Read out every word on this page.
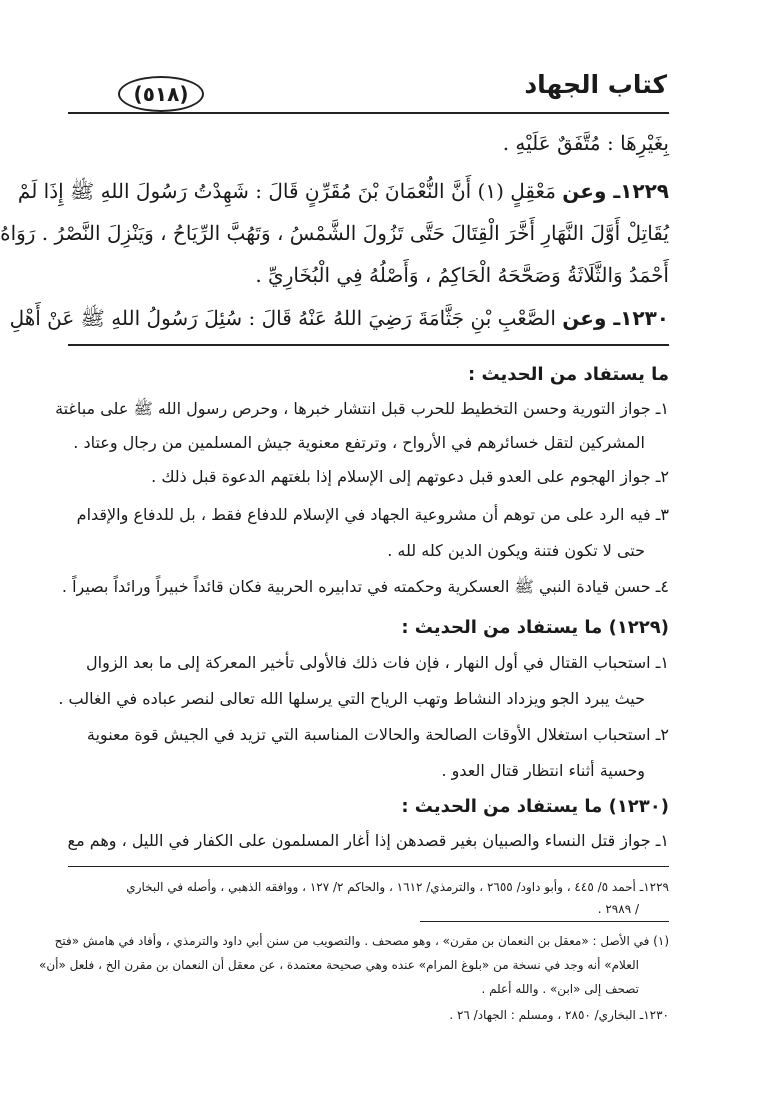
كتاب الجهاد
(٥١٨)
بِغَيْرِهَا : مُتَّفَقٌ عَلَيْهِ .
١٢٢٩ـ وعن مَعْقِلٍ (١) أَنَّ النُّعْمَانَ بْنَ مُقَرِّنٍ قَالَ : شَهِدْتُ رَسُولَ اللهِ ﷺ إِذَا لَمْ
يُقَاتِلْ أَوَّلَ النَّهَارِ أَخَّرَ الْقِتَالَ حَتَّى تَزُولَ الشَّمْسُ ، وَتَهُبَّ الرِّيَاحُ ، وَيَنْزِلَ النَّصْرُ . رَوَاهُ
أَحْمَدُ وَالثَّلَاثَةُ وَصَحَّحَهُ الْحَاكِمُ ، وَأَصْلُهُ فِي الْبُخَارِيِّ .
١٢٣٠ـ وعن الصَّعْبِ بْنِ جَثَّامَةَ رَضِيَ اللهُ عَنْهُ قَالَ : سُئِلَ رَسُولُ اللهِ ﷺ عَنْ أَهْلِ
ما يستفاد من الحديث :
١ـ جواز التورية وحسن التخطيط للحرب قبل انتشار خبرها ، وحرص رسول الله ﷺ على مباغتة
المشركين لتقل خسائرهم في الأرواح ، وترتفع معنوية جيش المسلمين من رجال وعتاد .
٢ـ جواز الهجوم على العدو قبل دعوتهم إلى الإسلام إذا بلغتهم الدعوة قبل ذلك .
٣ـ فيه الرد على من توهم أن مشروعية الجهاد في الإسلام للدفاع فقط ، بل للدفاع والإقدام
حتى لا تكون فتنة ويكون الدين كله لله .
٤ـ حسن قيادة النبي ﷺ العسكرية وحكمته في تدابيره الحربية فكان قائداً خبيراً ورائداً بصيراً .
(١٢٢٩) ما يستفاد من الحديث :
١ـ استحباب القتال في أول النهار ، فإن فات ذلك فالأولى تأخير المعركة إلى ما بعد الزوال
حيث يبرد الجو ويزداد النشاط وتهب الرياح التي يرسلها الله تعالى لنصر عباده في الغالب .
٢ـ استحباب استغلال الأوقات الصالحة والحالات المناسبة التي تزيد في الجيش قوة معنوية
وحسية أثناء انتظار قتال العدو .
(١٢٣٠) ما يستفاد من الحديث :
١ـ جواز قتل النساء والصبيان بغير قصدهن إذا أغار المسلمون على الكفار في الليل ، وهم مع
١٢٢٩ـ أحمد ٥/ ٤٤٥ ، وأبو داود/ ٢٦٥٥ ، والترمذي/ ١٦١٢ ، والحاكم ٢/ ١٢٧ ، ووافقه الذهبي ، وأصله في البخاري
/ ٢٩٨٩ .
(١) في الأصل : «معقل بن النعمان بن مقرن» ، وهو مصحف . والتصويب من سنن أبي داود والترمذي ، وأفاد في هامش «فتح
العلام» أنه وجد في نسخة من «بلوغ المرام» عنده وهي صحيحة معتمدة ، عن معقل أن النعمان بن مقرن الخ ، فلعل «أن»
تصحف إلى «ابن» . والله أعلم .
١٢٣٠ـ البخاري/ ٢٨٥٠ ، ومسلم : الجهاد/ ٢٦ .
